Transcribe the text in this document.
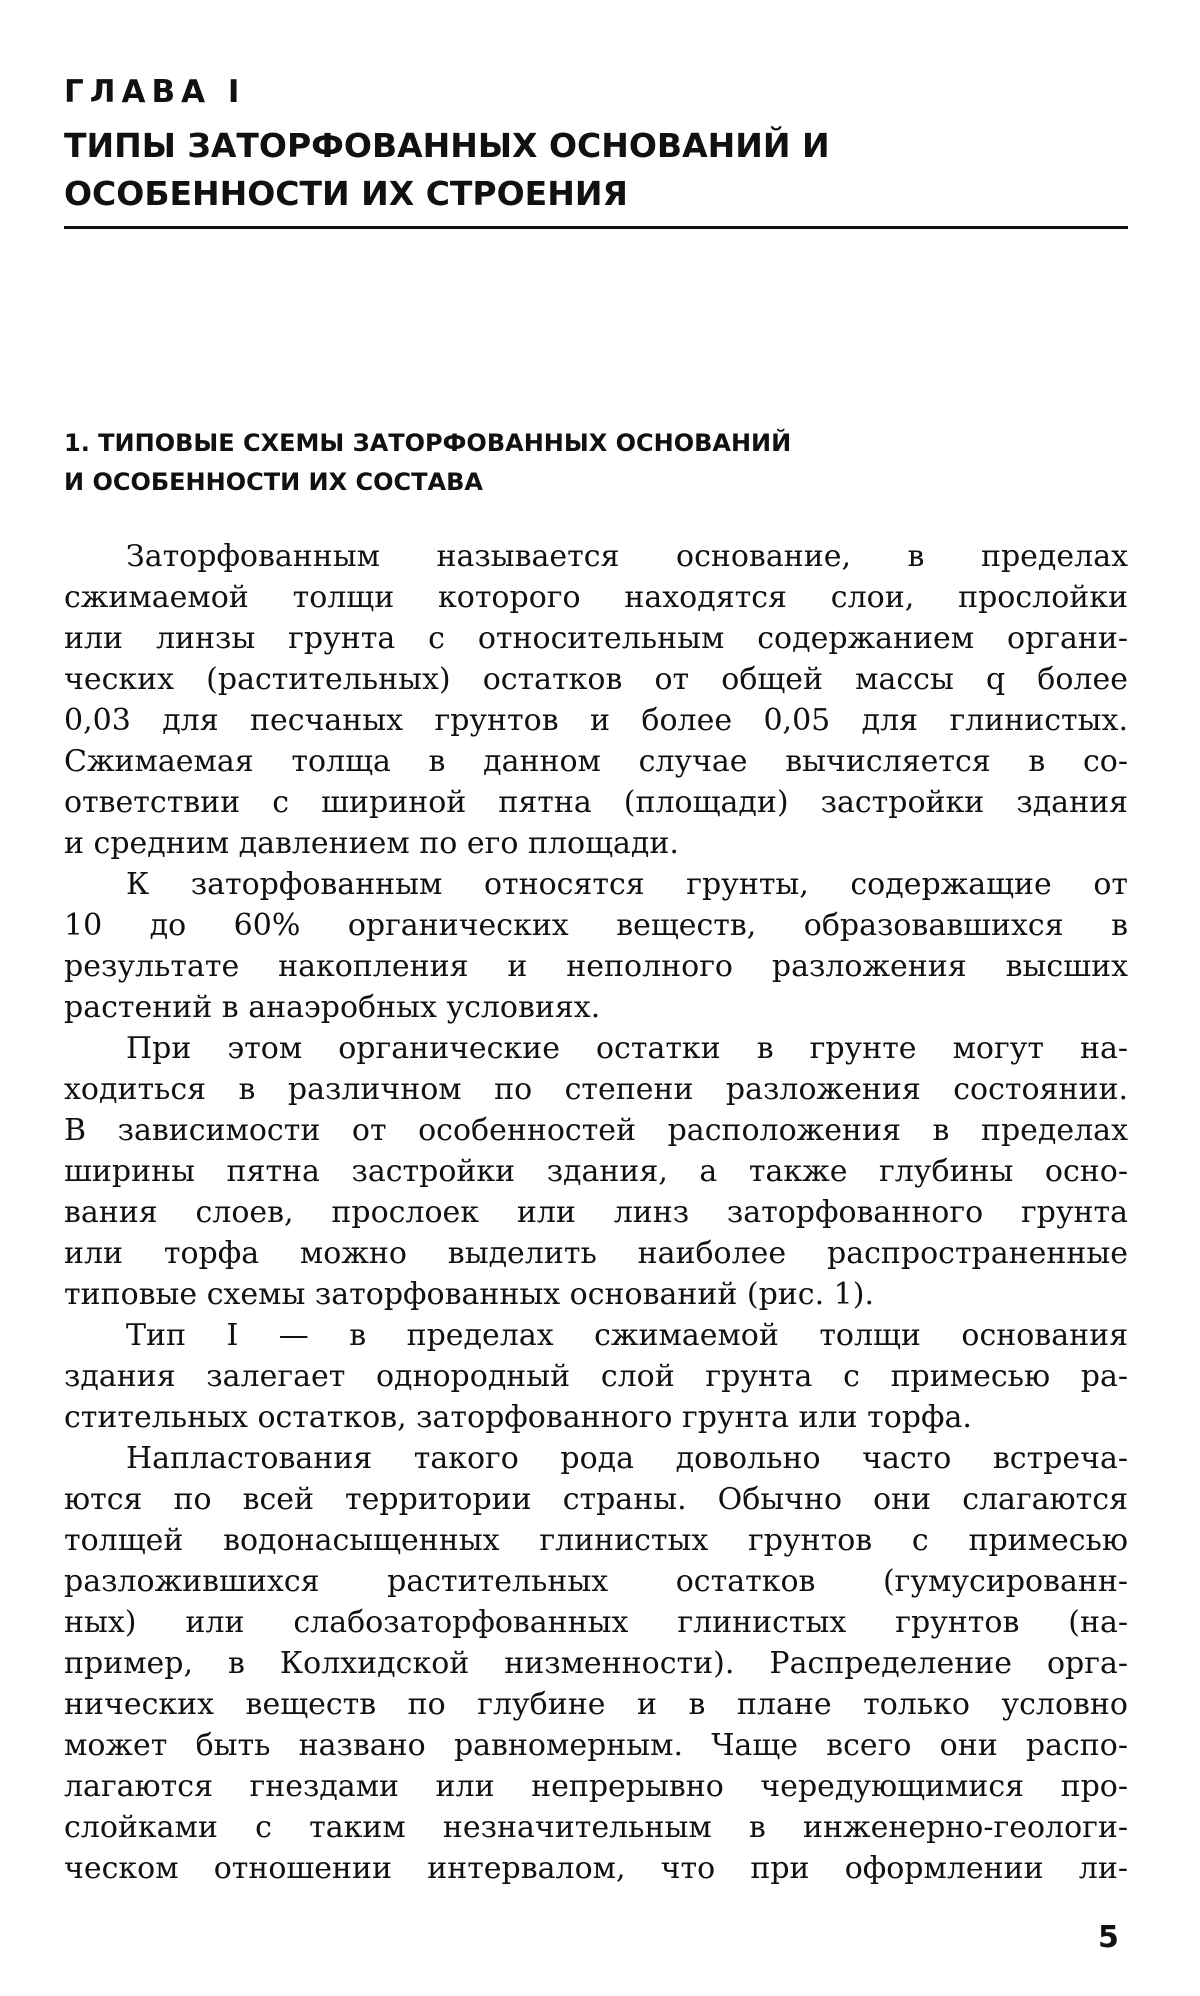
ГЛАВА I
ТИПЫ ЗАТОРФОВАННЫХ ОСНОВАНИЙ И
ОСОБЕННОСТИ ИХ СТРОЕНИЯ
1. ТИПОВЫЕ СХЕМЫ ЗАТОРФОВАННЫХ ОСНОВАНИЙ
И ОСОБЕННОСТИ ИХ СОСТАВА
Заторфованным называется основание, в пределах
сжимаемой толщи которого находятся слои, прослойки
или линзы грунта с относительным содержанием органи-
ческих (растительных) остатков от общей массы q более
0,03 для песчаных грунтов и более 0,05 для глинистых.
Сжимаемая толща в данном случае вычисляется в со-
ответствии с шириной пятна (площади) застройки здания
и средним давлением по его площади.
К заторфованным относятся грунты, содержащие от
10 до 60% органических веществ, образовавшихся в
результате накопления и неполного разложения высших
растений в анаэробных условиях.
При этом органические остатки в грунте могут на-
ходиться в различном по степени разложения состоянии.
В зависимости от особенностей расположения в пределах
ширины пятна застройки здания, а также глубины осно-
вания слоев, прослоек или линз заторфованного грунта
или торфа можно выделить наиболее распространенные
типовые схемы заторфованных оснований (рис. 1).
Тип I — в пределах сжимаемой толщи основания
здания залегает однородный слой грунта с примесью ра-
стительных остатков, заторфованного грунта или торфа.
Напластования такого рода довольно часто встреча-
ются по всей территории страны. Обычно они слагаются
толщей водонасыщенных глинистых грунтов с примесью
разложившихся растительных остатков (гумусированн-
ных) или слабозаторфованных глинистых грунтов (на-
пример, в Колхидской низменности). Распределение орга-
нических веществ по глубине и в плане только условно
может быть названо равномерным. Чаще всего они распо-
лагаются гнездами или непрерывно чередующимися про-
слойками с таким незначительным в инженерно-геологи-
ческом отношении интервалом, что при оформлении ли-
5
